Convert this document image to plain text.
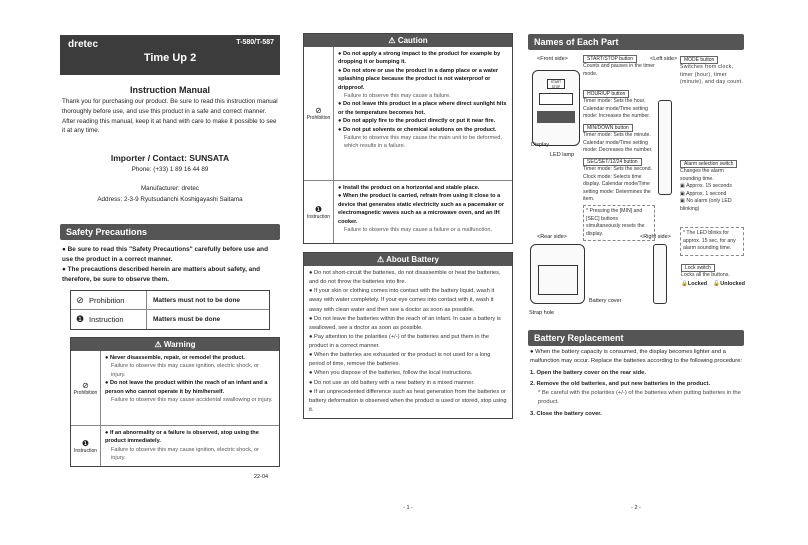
dretec	T-580/T-587
Time Up 2
Instruction Manual
Thank you for purchasing our product. Be sure to read this instruction manual thoroughly before use, and use this product in a safe and correct manner. After reading this manual, keep it at hand with care to make it possible to see it at any time.
Importer / Contact: SUNSATA
Phone: (+33) 1 89 16 44 89
Manufacturer: dretec
Address: 2-3-9 Ryutsudanchi Koshigayashi Saitama
Safety Precautions
● Be sure to read this "Safety Precautions" carefully before use and use the product in a correct manner.
● The precautions described herein are matters about safety, and therefore, be sure to observe them.
⊘ Prohibition	Matters must not to be done
❶ Instruction	Matters must be done
⚠ Warning
⊘
Prohibition
● Never disassemble, repair, or remodel the product.
Failure to observe this may cause ignition, electric shock, or injury.
● Do not leave the product within the reach of an infant and a person who cannot operate it by him/herself.
Failure to observe this may cause accidental swallowing or injury.
❶
Instruction
● If an abnormality or a failure is observed, stop using the product immediately.
Failure to observe this may cause ignition, electric shock, or injury.
22-04
⚠ Caution
⊘
Prohibition
● Do not apply a strong impact to the product for example by dropping it or bumping it.
● Do not store or use the product in a damp place or a water splashing place because the product is not waterproof or dripproof.
Failure to observe this may cause a failure.
● Do not leave this product in a place where direct sunlight hits or the temperature becomes hot.
● Do not apply fire to the product directly or put it near fire.
● Do not put solvents or chemical solutions on the product.
Failure to observe this may cause the main unit to be deformed, which results in a failure.
❶
Instruction
● Install the product on a horizontal and stable place.
● When the product is carried, refrain from using it close to a device that generates static electricity such as a pacemaker or electromagnetic waves such as a microwave oven, and an IH cooker.
Failure to observe this may cause a failure or a malfunction.
⚠ About Battery
● Do not short-circuit the batteries, do not disassemble or heat the batteries, and do not throw the batteries into fire.
● If your skin or clothing comes into contact with the battery liquid, wash it away with water completely. If your eye comes into contact with it, wash it away with clean water and then see a doctor as soon as possible.
● Do not leave the batteries within the reach of an infant. In case a battery is swallowed, see a doctor as soon as possible.
● Pay attention to the polarities (+/-) of the batteries and put them in the product in a correct manner.
● When the batteries are exhausted or the product is not used for a long period of time, remove the batteries.
● When you dispose of the batteries, follow the local instructions.
● Do not use an old battery with a new battery in a mixed manner.
● If an unprecedented difference such as heat generation from the batteries or battery deformation is observed when the product is used or stored, stop using it.
- 1 -
Names of Each Part
<Front side>
START STOP
Display
LED lamp
START/STOP button
Counts and pauses in the timer mode.
HOUR/UP button
Timer mode: Sets the hour. Calendar mode/Time setting mode: Increases the number.
MIN/DOWN button
Timer mode: Sets the minute. Calendar mode/Time setting mode: Decreases the number.
SEC/SET/12/24 button
Timer mode: Sets the second. Clock mode: Selects time display. Calendar mode/Time setting mode: Determines the item.
* Pressing the [MIN] and [SEC] buttons simultaneously resets the display.
<Left side>	MODE button
Switches from clock, timer (hour), timer (minute), and day count.
Alarm selection switch
Changes the alarm sounding time.
▣ Approx. 15 seconds
▣ Approx. 1 second
▣ No alarm (only LED blinking)
* The LED blinks for approx. 15 sec. for any alarm sounding time.
<Rear side>
Battery cover
Strap hole
<Right side>
Lock switch
Locks all the buttons.
🔒Locked 🔓Unlocked
Battery Replacement
● When the battery capacity is consumed, the display becomes lighter and a malfunction may occur. Replace the batteries according to the following procedure:
1. Open the battery cover on the rear side.
2. Remove the old batteries, and put new batteries in the product.
* Be careful with the polarities (+/-) of the batteries when putting batteries in the product.
3. Close the battery cover.
- 2 -
